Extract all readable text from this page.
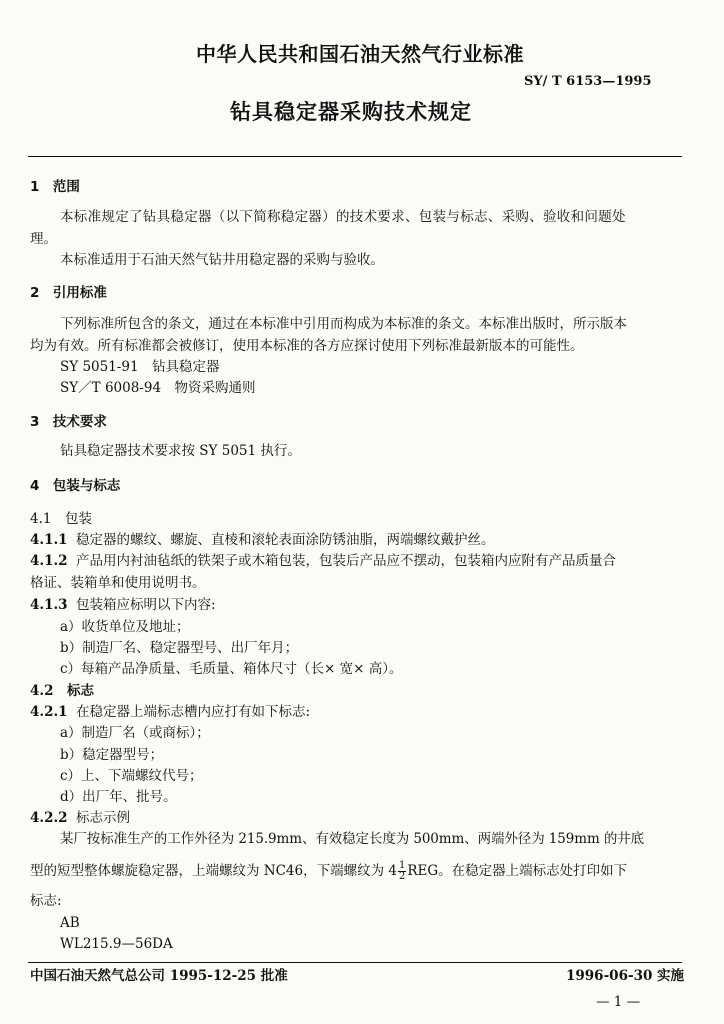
中华人民共和国石油天然气行业标准
SY/ T 6153—1995
钻具稳定器采购技术规定
1　范围
本标准规定了钻具稳定器（以下简称稳定器）的技术要求、包装与标志、采购、验收和问题处
理。
本标准适用于石油天然气钻井用稳定器的采购与验收。
2　引用标准
下列标准所包含的条文，通过在本标准中引用而构成为本标准的条文。本标准出版时，所示版本
均为有效。所有标准都会被修订，使用本标准的各方应探讨使用下列标准最新版本的可能性。
SY 5051-91　钻具稳定器
SY／T 6008-94　物资采购通则
3　技术要求
钻具稳定器技术要求按 SY 5051 执行。
4　包装与标志
4.1　包装
4.1.1 稳定器的螺纹、螺旋、直棱和滚轮表面涂防锈油脂，两端螺纹戴护丝。
4.1.2 产品用内衬油毡纸的铁架子或木箱包装，包装后产品应不摆动，包装箱内应附有产品质量合
格证、装箱单和使用说明书。
4.1.3 包装箱应标明以下内容:
a）收货单位及地址；
b）制造厂名、稳定器型号、出厂年月；
c）每箱产品净质量、毛质量、箱体尺寸（长× 宽× 高）。
4.2　标志
4.2.1 在稳定器上端标志槽内应打有如下标志:
a）制造厂名（或商标）；
b）稳定器型号；
c）上、下端螺纹代号；
d）出厂年、批号。
4.2.2 标志示例
某厂按标准生产的工作外径为 215.9mm、有效稳定长度为 500mm、两端外径为 159mm 的井底
型的短型整体螺旋稳定器，上端螺纹为 NC46，下端螺纹为 $4 \frac{1}{2}$ REG。在稳定器上端标志处打印如下
标志:
AB
WL215.9—56DA
中国石油天然气总公司 1995-12-25 批准	1996-06-30 实施
— 1 —
